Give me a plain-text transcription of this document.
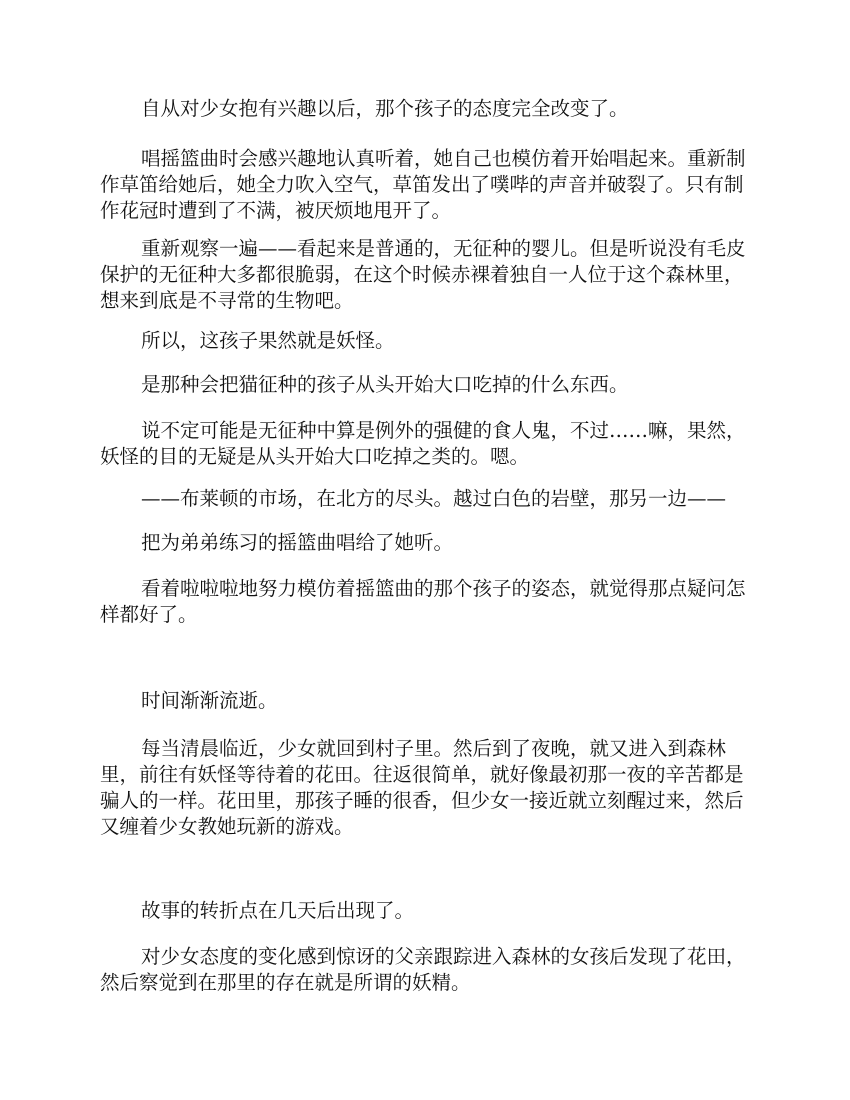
自从对少女抱有兴趣以后，那个孩子的态度完全改变了。

唱摇篮曲时会感兴趣地认真听着，她自己也模仿着开始唱起来。重新制作草笛给她后，她全力吹入空气，草笛发出了噗哔的声音并破裂了。只有制作花冠时遭到了不满，被厌烦地甩开了。

重新观察一遍——看起来是普通的，无征种的婴儿。但是听说没有毛皮保护的无征种大多都很脆弱，在这个时候赤裸着独自一人位于这个森林里，想来到底是不寻常的生物吧。

所以，这孩子果然就是妖怪。

是那种会把猫征种的孩子从头开始大口吃掉的什么东西。

说不定可能是无征种中算是例外的强健的食人鬼，不过……嘛，果然，妖怪的目的无疑是从头开始大口吃掉之类的。嗯。

——布莱顿的市场，在北方的尽头。越过白色的岩壁，那另一边——

把为弟弟练习的摇篮曲唱给了她听。

看着啦啦啦地努力模仿着摇篮曲的那个孩子的姿态，就觉得那点疑问怎样都好了。

时间渐渐流逝。

每当清晨临近，少女就回到村子里。然后到了夜晚，就又进入到森林里，前往有妖怪等待着的花田。往返很简单，就好像最初那一夜的辛苦都是骗人的一样。花田里，那孩子睡的很香，但少女一接近就立刻醒过来，然后又缠着少女教她玩新的游戏。

故事的转折点在几天后出现了。

对少女态度的变化感到惊讶的父亲跟踪进入森林的女孩后发现了花田，然后察觉到在那里的存在就是所谓的妖精。
